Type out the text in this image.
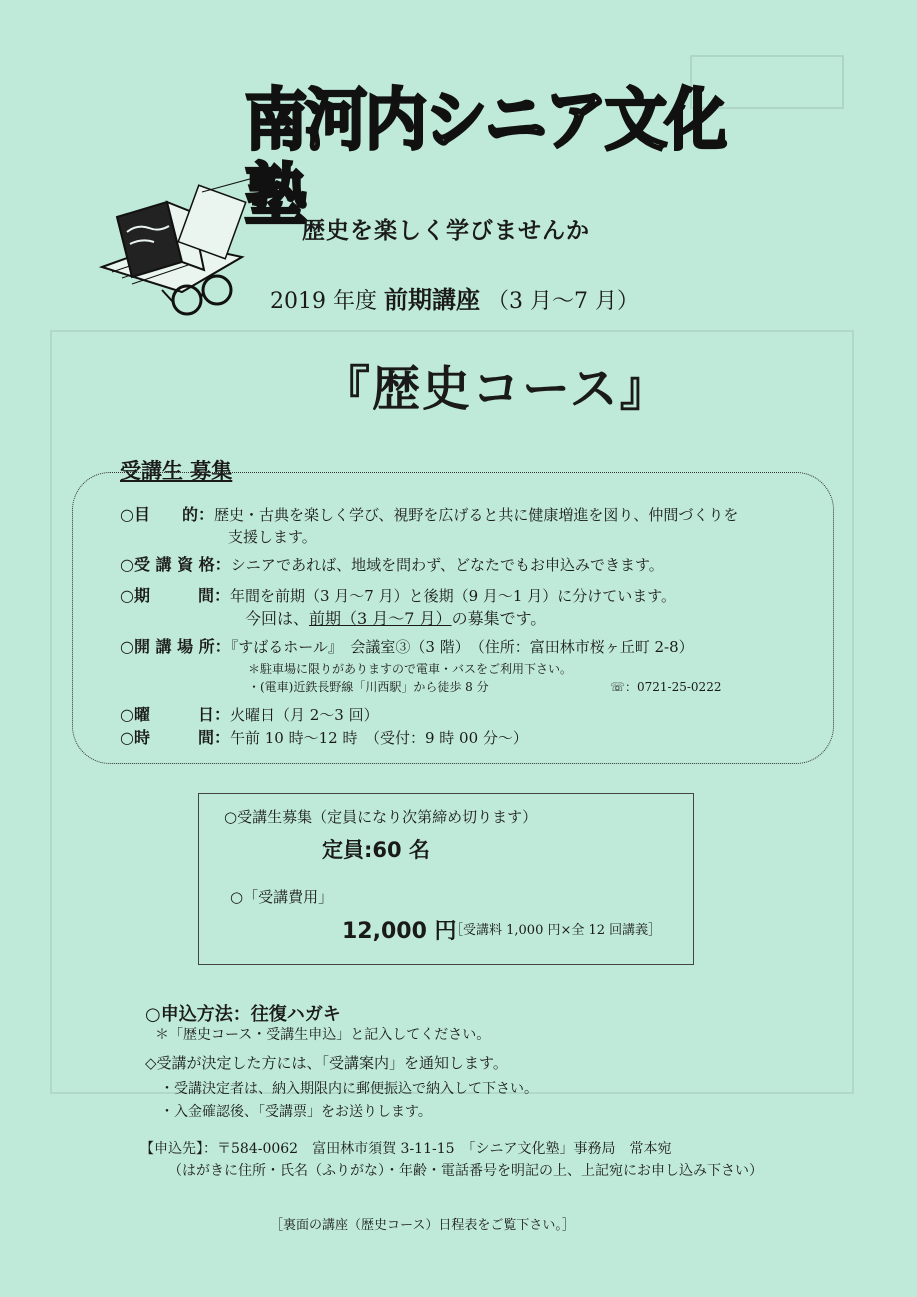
南河内シニア文化塾
歴史を楽しく学びませんか
2019 年度 前期講座 （3 月～7 月）
『歴史コース』
受講生 募集
○目　　的：歴史・古典を楽しく学び、視野を広げると共に健康増進を図り、仲間づくりを
支援します。
○受 講 資 格：シニアであれば、地域を問わず、どなたでもお申込みできます。
○期　　　間：年間を前期（3 月～7 月）と後期（9 月～1 月）に分けています。
今回は、前期（3 月～7 月）の募集です。
○開 講 場 所：『すばるホール』　会議室③（3 階）　（住所：富田林市桜ヶ丘町 2-8）
＊駐車場に限りがありますので電車・バスをご利用下さい。
・(電車)近鉄長野線「川西駅」から徒歩 8 分	☏：0721-25-0222
○曜　　　日：火曜日（月 2～3 回）
○時　　　間：午前 10 時～12 時　（受付：9 時 00 分～）
○受講生募集（定員になり次第締め切ります）
定員:60 名
○「受講費用」
12,000 円
［受講料 1,000 円×全 12 回講義］
○申込方法：往復ハガキ
＊「歴史コース・受講生申込」と記入してください。
◇受講が決定した方には、「受講案内」を通知します。
・受講決定者は、納入期限内に郵便振込で納入して下さい。
・入金確認後、「受講票」をお送りします。
【申込先】：〒584-0062　富田林市須賀 3-11-15　「シニア文化塾」事務局　常本宛
（はがきに住所・氏名（ふりがな）・年齢・電話番号を明記の上、上記宛にお申し込み下さい）
［裏面の講座（歴史コース）日程表をご覧下さい。］
